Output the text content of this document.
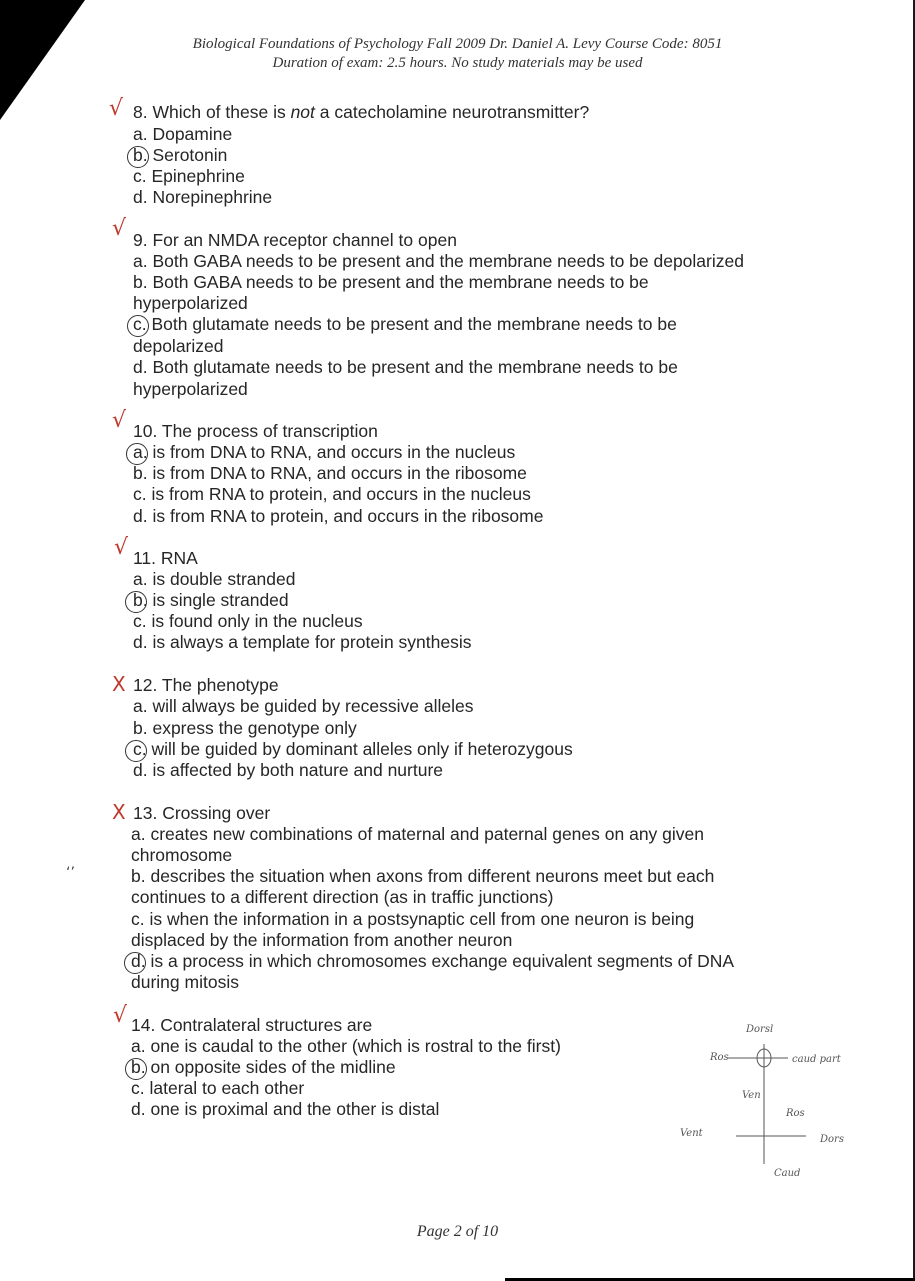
Biological Foundations of Psychology Fall 2009 Dr. Daniel A. Levy Course Code: 8051
Duration of exam: 2.5 hours. No study materials may be used
√ 8. Which of these is not a catecholamine neurotransmitter?
a. Dopamine
b. Serotonin
c. Epinephrine
d. Norepinephrine
√ 9. For an NMDA receptor channel to open
a. Both GABA needs to be present and the membrane needs to be depolarized
b. Both GABA needs to be present and the membrane needs to be
hyperpolarized
c. Both glutamate needs to be present and the membrane needs to be
depolarized
d. Both glutamate needs to be present and the membrane needs to be
hyperpolarized
√ 10. The process of transcription
a. is from DNA to RNA, and occurs in the nucleus
b. is from DNA to RNA, and occurs in the ribosome
c. is from RNA to protein, and occurs in the nucleus
d. is from RNA to protein, and occurs in the ribosome
√ 11. RNA
a. is double stranded
b. is single stranded
c. is found only in the nucleus
d. is always a template for protein synthesis
X 12. The phenotype
a. will always be guided by recessive alleles
b. express the genotype only
c. will be guided by dominant alleles only if heterozygous
d. is affected by both nature and nurture
X 13. Crossing over
a. creates new combinations of maternal and paternal genes on any given
chromosome
b. describes the situation when axons from different neurons meet but each
continues to a different direction (as in traffic junctions)
c. is when the information in a postsynaptic cell from one neuron is being
displaced by the information from another neuron
d. is a process in which chromosomes exchange equivalent segments of DNA
during mitosis
‘’
√ 14. Contralateral structures are
a. one is caudal to the other (which is rostral to the first)
b. on opposite sides of the midline
c. lateral to each other
d. one is proximal and the other is distal
Dorsl
Ros	caud part
Ven
Ros
Vent
Dors
Caud
Page 2 of 10
